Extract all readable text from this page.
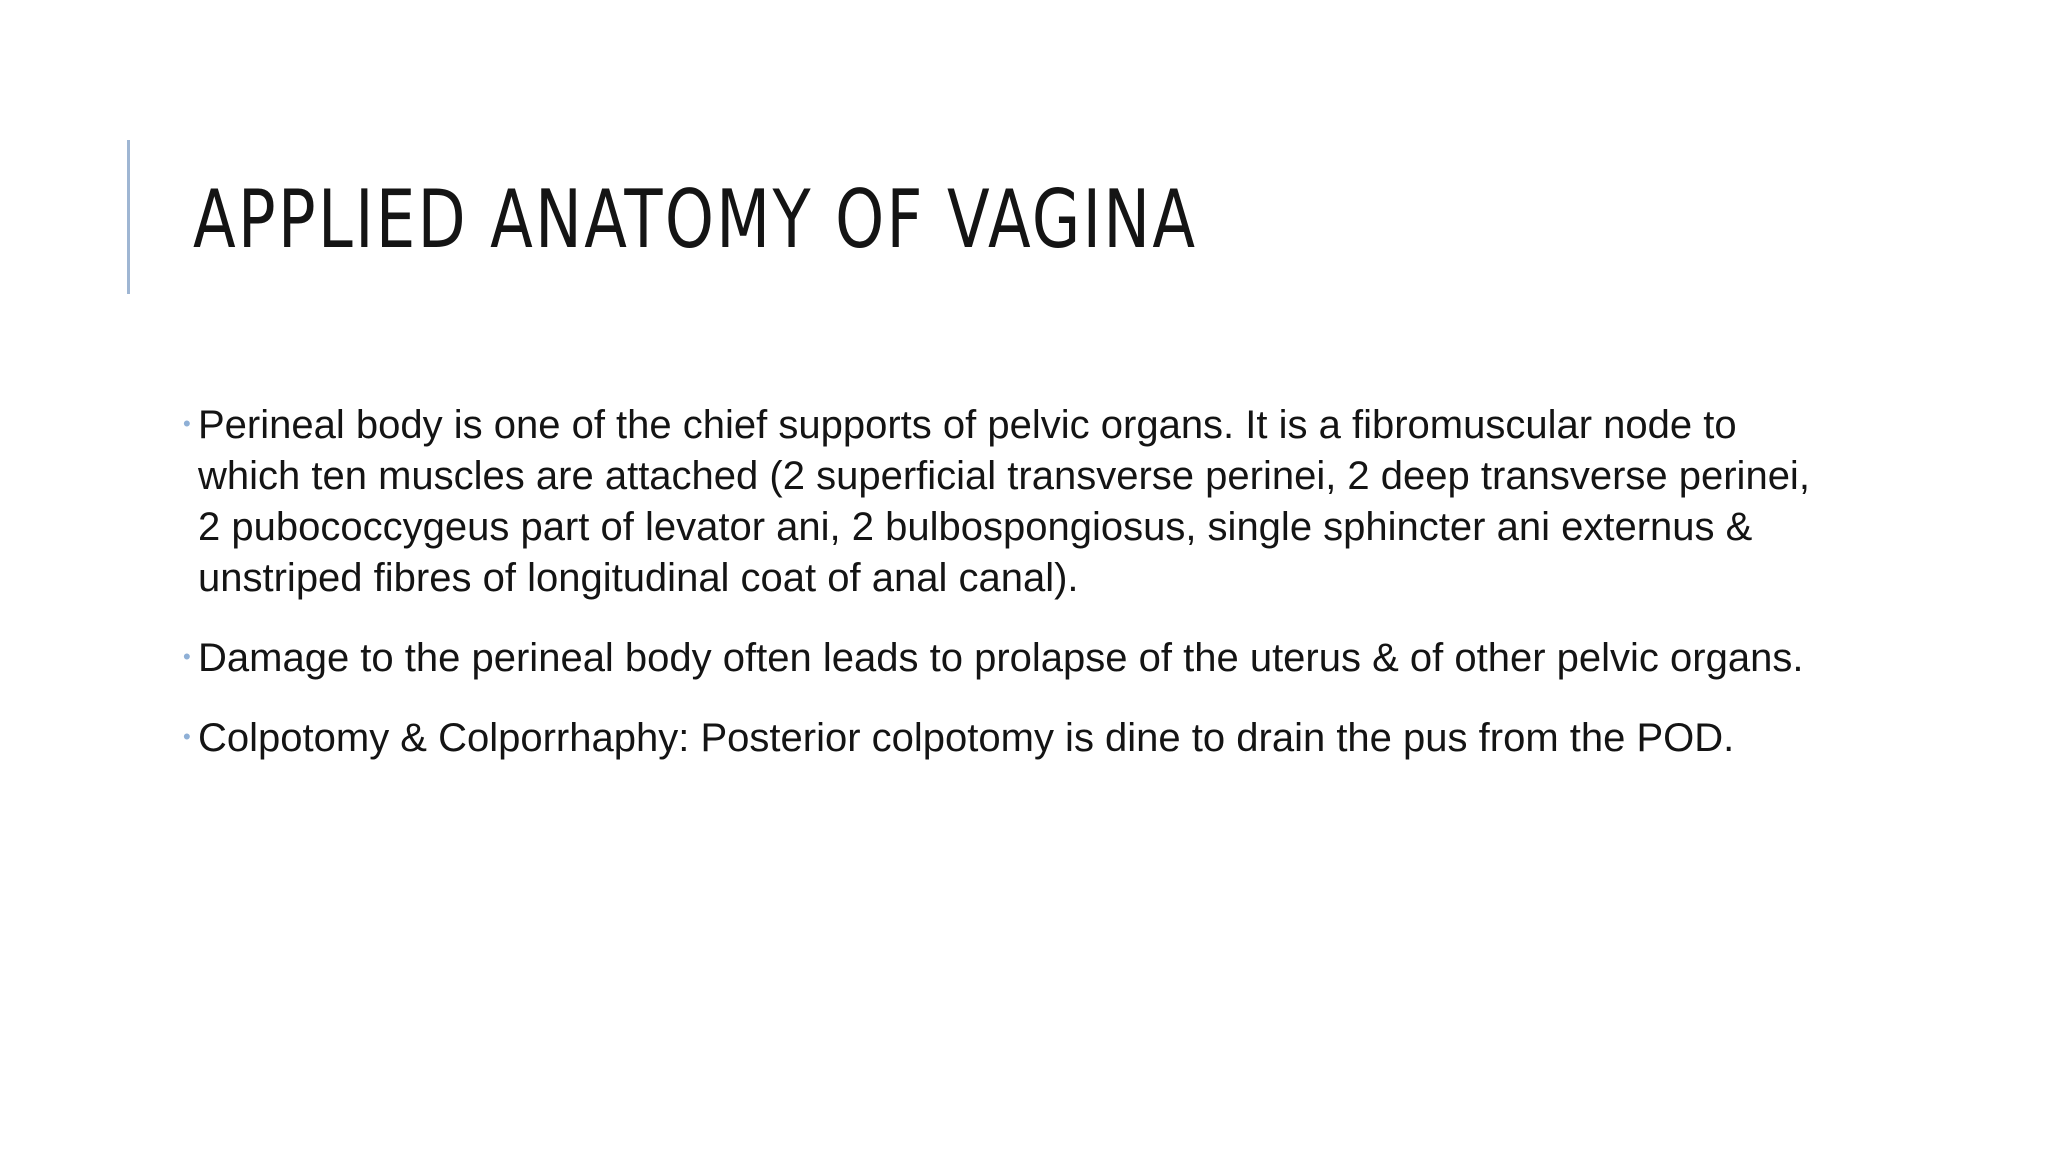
APPLIED ANATOMY OF VAGINA
• Perineal body is one of the chief supports of pelvic organs. It is a fibromuscular node to which ten muscles are attached (2 superficial transverse perinei, 2 deep transverse perinei, 2 pubococcygeus part of levator ani, 2 bulbospongiosus, single sphincter ani externus & unstriped fibres of longitudinal coat of anal canal).
• Damage to the perineal body often leads to prolapse of the uterus & of other pelvic organs.
• Colpotomy & Colporrhaphy: Posterior colpotomy is dine to drain the pus from the POD.
